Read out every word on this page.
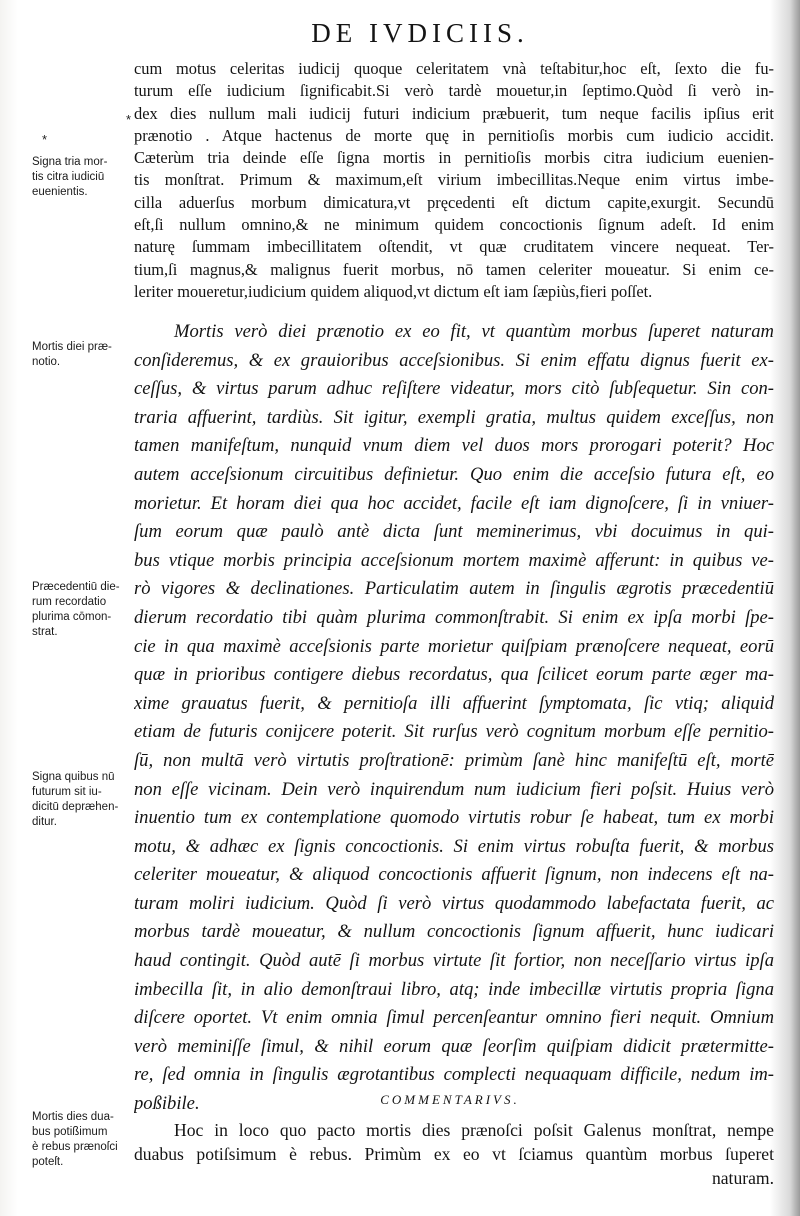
DE IVDICIIS.
*
*
Signa tria mor-
tis citra iudiciū
euenientis.
Mortis diei præ-
notio.
Præcedentiū die-
rum recordatio
plurima cōmon-
strat.
Signa quibus nū
futurum sit iu-
dicitū depræhen-
ditur.
Mortis dies dua-
bus potißimum
è rebus prænoſci
poteſt.
cum motus celeritas iudicij quoque celeritatem vnà teſtabitur,hoc eſt, ſexto die fu-
turum eſſe iudicium ſignificabit.Si verò tardè mouetur,in ſeptimo.Quòd ſi verò in-
dex dies nullum mali iudicij futuri indicium præbuerit, tum neque facilis ipſius erit
prænotio . Atque hactenus de morte quę in pernitioſis morbis cum iudicio accidit.
Cæterùm tria deinde eſſe ſigna mortis in pernitioſis morbis citra iudicium euenien-
tis monſtrat. Primum & maximum,eſt virium imbecillitas.Neque enim virtus imbe-
cilla aduerſus morbum dimicatura,vt pręcedenti eſt dictum capite,exurgit. Secundū
eſt,ſi nullum omnino,& ne minimum quidem concoctionis ſignum adeſt. Id enim
naturę ſummam imbecillitatem oſtendit, vt quæ cruditatem vincere nequeat. Ter-
tium,ſi magnus,& malignus fuerit morbus, nō tamen celeriter moueatur. Si enim ce-
leriter moueretur,iudicium quidem aliquod,vt dictum eſt iam ſæpiùs,fieri poſſet.
Mortis verò diei prænotio ex eo fit, vt quantùm morbus ſuperet naturam
conſideremus, & ex grauioribus acceſsionibus. Si enim effatu dignus fuerit ex-
ceſſus, & virtus parum adhuc reſiſtere videatur, mors citò ſubſequetur. Sin con-
traria affuerint, tardiùs. Sit igitur, exempli gratia, multus quidem exceſſus, non
tamen manifeſtum, nunquid vnum diem vel duos mors prorogari poterit? Hoc
autem acceſsionum circuitibus definietur. Quo enim die acceſsio futura eſt, eo
morietur. Et horam diei qua hoc accidet, facile eſt iam dignoſcere, ſi in vniuer-
ſum eorum quæ paulò antè dicta ſunt meminerimus, vbi docuimus in qui-
bus vtique morbis principia acceſsionum mortem maximè afferunt: in quibus ve-
rò vigores & declinationes. Particulatim autem in ſingulis ægrotis præcedentiū
dierum recordatio tibi quàm plurima commonſtrabit. Si enim ex ipſa morbi ſpe-
cie in qua maximè acceſsionis parte morietur quiſpiam prænoſcere nequeat, eorū
quæ in prioribus contigere diebus recordatus, qua ſcilicet eorum parte æger ma-
xime grauatus fuerit, & pernitioſa illi affuerint ſymptomata, ſic vtiq; aliquid
etiam de futuris conijcere poterit. Sit rurſus verò cognitum morbum eſſe pernitio-
ſū, non multā verò virtutis proſtrationē: primùm ſanè hinc manifeſtū eſt, mortē
non eſſe vicinam. Dein verò inquirendum num iudicium fieri poſsit. Huius verò
inuentio tum ex contemplatione quomodo virtutis robur ſe habeat, tum ex morbi
motu, & adhæc ex ſignis concoctionis. Si enim virtus robuſta fuerit, & morbus
celeriter moueatur, & aliquod concoctionis affuerit ſignum, non indecens eſt na-
turam moliri iudicium. Quòd ſi verò virtus quodammodo labefactata fuerit, ac
morbus tardè moueatur, & nullum concoctionis ſignum affuerit, hunc iudicari
haud contingit. Quòd autē ſi morbus virtute ſit fortior, non neceſſario virtus ipſa
imbecilla ſit, in alio demonſtraui libro, atq; inde imbecillæ virtutis propria ſigna
diſcere oportet. Vt enim omnia ſimul percenſeantur omnino fieri nequit. Omnium
verò meminiſſe ſimul, & nihil eorum quæ ſeorſim quiſpiam didicit prætermitte-
re, ſed omnia in ſingulis ægrotantibus complecti nequaquam difficile, nedum im-
poßibile.	COMMENTARIVS.
Hoc in loco quo pacto mortis dies prænoſci poſsit Galenus monſtrat, nempe
duabus potiſsimum è rebus. Primùm ex eo vt ſciamus quantùm morbus ſuperet
naturam.
